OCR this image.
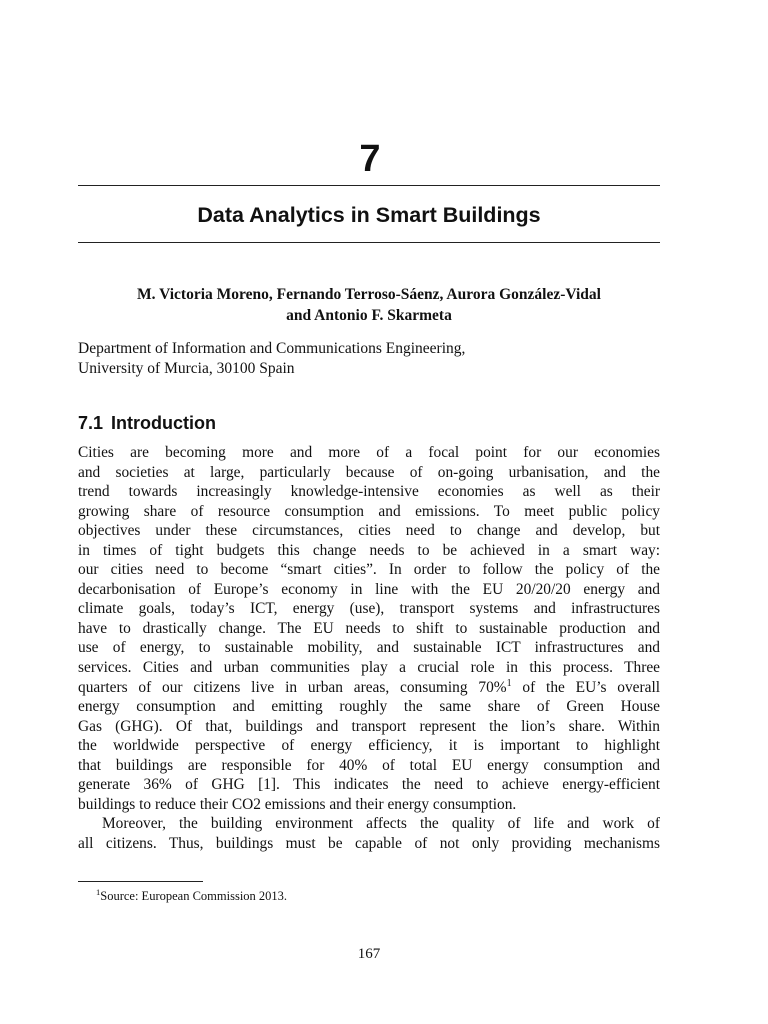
7
Data Analytics in Smart Buildings
M. Victoria Moreno, Fernando Terroso-Sáenz, Aurora González-Vidal
and Antonio F. Skarmeta
Department of Information and Communications Engineering,
University of Murcia, 30100 Spain
7.1 Introduction
Cities are becoming more and more of a focal point for our economies
and societies at large, particularly because of on-going urbanisation, and the
trend towards increasingly knowledge-intensive economies as well as their
growing share of resource consumption and emissions. To meet public policy
objectives under these circumstances, cities need to change and develop, but
in times of tight budgets this change needs to be achieved in a smart way:
our cities need to become “smart cities”. In order to follow the policy of the
decarbonisation of Europe’s economy in line with the EU 20/20/20 energy and
climate goals, today’s ICT, energy (use), transport systems and infrastructures
have to drastically change. The EU needs to shift to sustainable production and
use of energy, to sustainable mobility, and sustainable ICT infrastructures and
services. Cities and urban communities play a crucial role in this process. Three
quarters of our citizens live in urban areas, consuming 70%$^1$ of the EU’s overall
energy consumption and emitting roughly the same share of Green House
Gas (GHG). Of that, buildings and transport represent the lion’s share. Within
the worldwide perspective of energy efficiency, it is important to highlight
that buildings are responsible for 40% of total EU energy consumption and
generate 36% of GHG [1]. This indicates the need to achieve energy-efficient
buildings to reduce their CO2 emissions and their energy consumption.
Moreover, the building environment affects the quality of life and work of
all citizens. Thus, buildings must be capable of not only providing mechanisms
$^1$Source: European Commission 2013.
167
